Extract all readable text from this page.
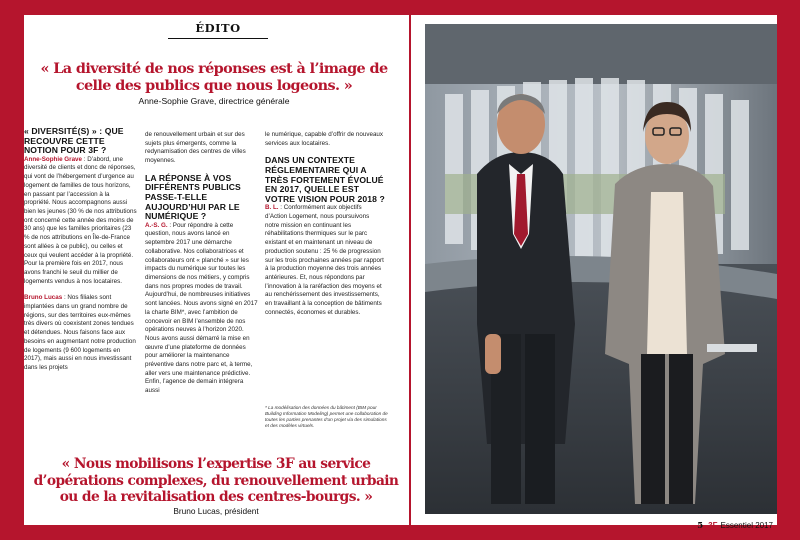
ÉDITO
« La diversité de nos réponses est à l’image de celle des publics que nous logeons. »
Anne-Sophie Grave, directrice générale

« DIVERSITÉ(S) » : QUE RECOUVRE CETTE NOTION POUR 3F ?

Anne-Sophie Grave : D’abord, une diversité de clients et donc de réponses, qui vont de l’hébergement d’urgence au logement de familles de tous horizons, en passant par l’accession à la propriété. Nous accompagnons aussi bien les jeunes (30 % de nos attributions ont concerné cette année des moins de 30 ans) que les familles prioritaires (23 % de nos attributions en Île-de-France sont allées à ce public), ou celles et ceux qui veulent accéder à la propriété. Pour la première fois en 2017, nous avons franchi le seuil du millier de logements vendus à nos locataires.

Bruno Lucas : Nos filiales sont implantées dans un grand nombre de régions, sur des territoires eux-mêmes très divers où coexistent zones tendues et détendues. Nous faisons face aux besoins en augmentant notre production de logements (9 600 logements en 2017), mais aussi en nous investissant dans les projets

de renouvellement urbain et sur des sujets plus émergents, comme la redynamisation des centres de villes moyennes.

LA RÉPONSE À VOS DIFFÉRENTS PUBLICS PASSE-T-ELLE AUJOURD’HUI PAR LE NUMÉRIQUE ?

A.-S. G. : Pour répondre à cette question, nous avons lancé en septembre 2017 une démarche collaborative. Nos collaboratrices et collaborateurs ont « planché » sur les impacts du numérique sur toutes les dimensions de nos métiers, y compris dans nos propres modes de travail. Aujourd’hui, de nombreuses initiatives sont lancées. Nous avons signé en 2017 la charte BIM*, avec l’ambition de concevoir en BIM l’ensemble de nos opérations neuves à l’horizon 2020. Nous avons aussi démarré la mise en œuvre d’une plateforme de données pour améliorer la maintenance préventive dans notre parc et, à terme, aller vers une maintenance prédictive. Enfin, l’agence de demain intégrera aussi

le numérique, capable d’offrir de nouveaux services aux locataires.

DANS UN CONTEXTE RÉGLEMENTAIRE QUI A TRÈS FORTEMENT ÉVOLUÉ EN 2017, QUELLE EST VOTRE VISION POUR 2018 ?

B. L. : Conformément aux objectifs d’Action Logement, nous poursuivons notre mission en continuant les réhabilitations thermiques sur le parc existant et en maintenant un niveau de production soutenu : 25 % de progression sur les trois prochaines années par rapport à la production moyenne des trois années antérieures. Et, nous répondons par l’innovation à la raréfaction des moyens et au renchérissement des investissements, en travaillant à la conception de bâtiments connectés, économes et durables.

* La modélisation des données du bâtiment (BIM pour Building Information Modeling) permet une collaboration de toutes les parties prenantes d’un projet via des simulations et des modèles virtuels.
« Nous mobilisons l’expertise 3F au service d’opérations complexes, du renouvellement urbain ou de la revitalisation des centres-bourgs. »
Bruno Lucas, président
5 3F Essentiel 2017
